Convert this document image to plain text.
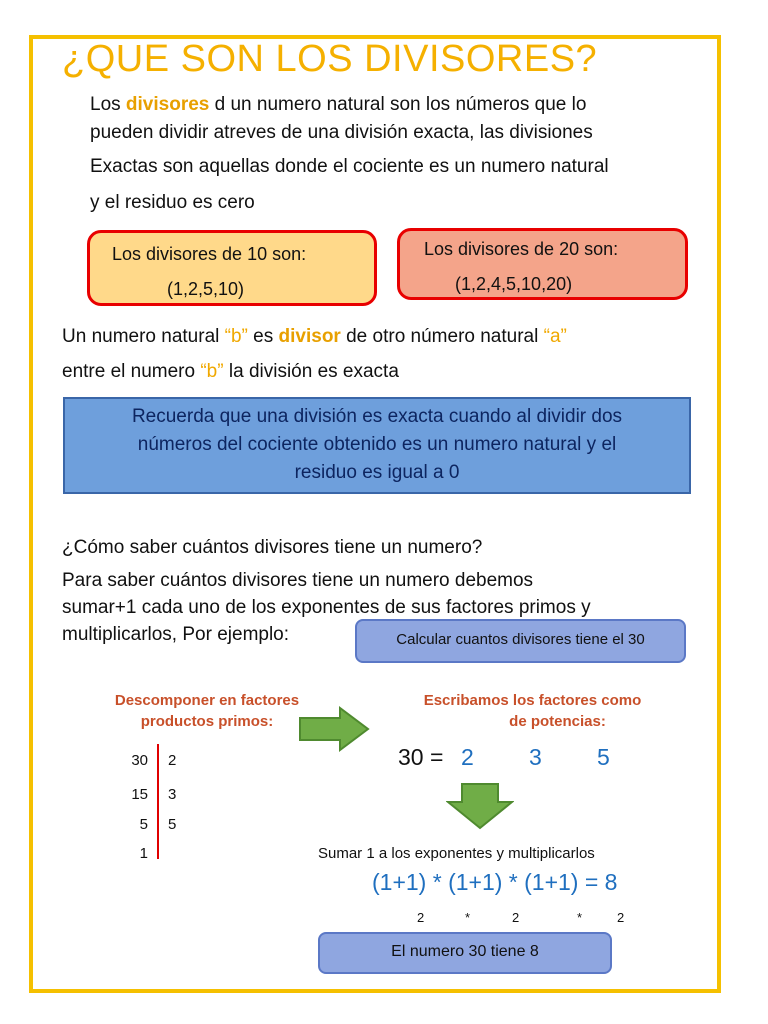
¿QUE SON LOS DIVISORES?
Los divisores d un numero natural son los números que lo
pueden dividir atreves de una división exacta, las divisiones
Exactas son aquellas donde el cociente es un numero natural
y el residuo es cero
Los divisores de 10 son:
(1,2,5,10)
Los divisores de 20 son:
(1,2,4,5,10,20)
Un numero natural “b” es divisor de otro número natural “a”
entre el numero “b” la división es exacta
Recuerda que una división es exacta cuando al dividir dos
números del cociente obtenido es un numero natural y el
residuo es igual a 0
¿Cómo saber cuántos divisores tiene un numero?
Para saber cuántos divisores tiene un numero debemos
sumar+1 cada uno de los exponentes de sus factores primos y
multiplicarlos, Por ejemplo:	Calcular cuantos divisores tiene el 30
Descomponer en factores
productos primos:
Escribamos los factores como
de potencias:
30 2
15 3
5 5
1
30 = 2 3 5
Sumar 1 a los exponentes y multiplicarlos
(1+1) * (1+1) * (1+1) = 8
2	*	2	*	2
El numero 30 tiene 8
